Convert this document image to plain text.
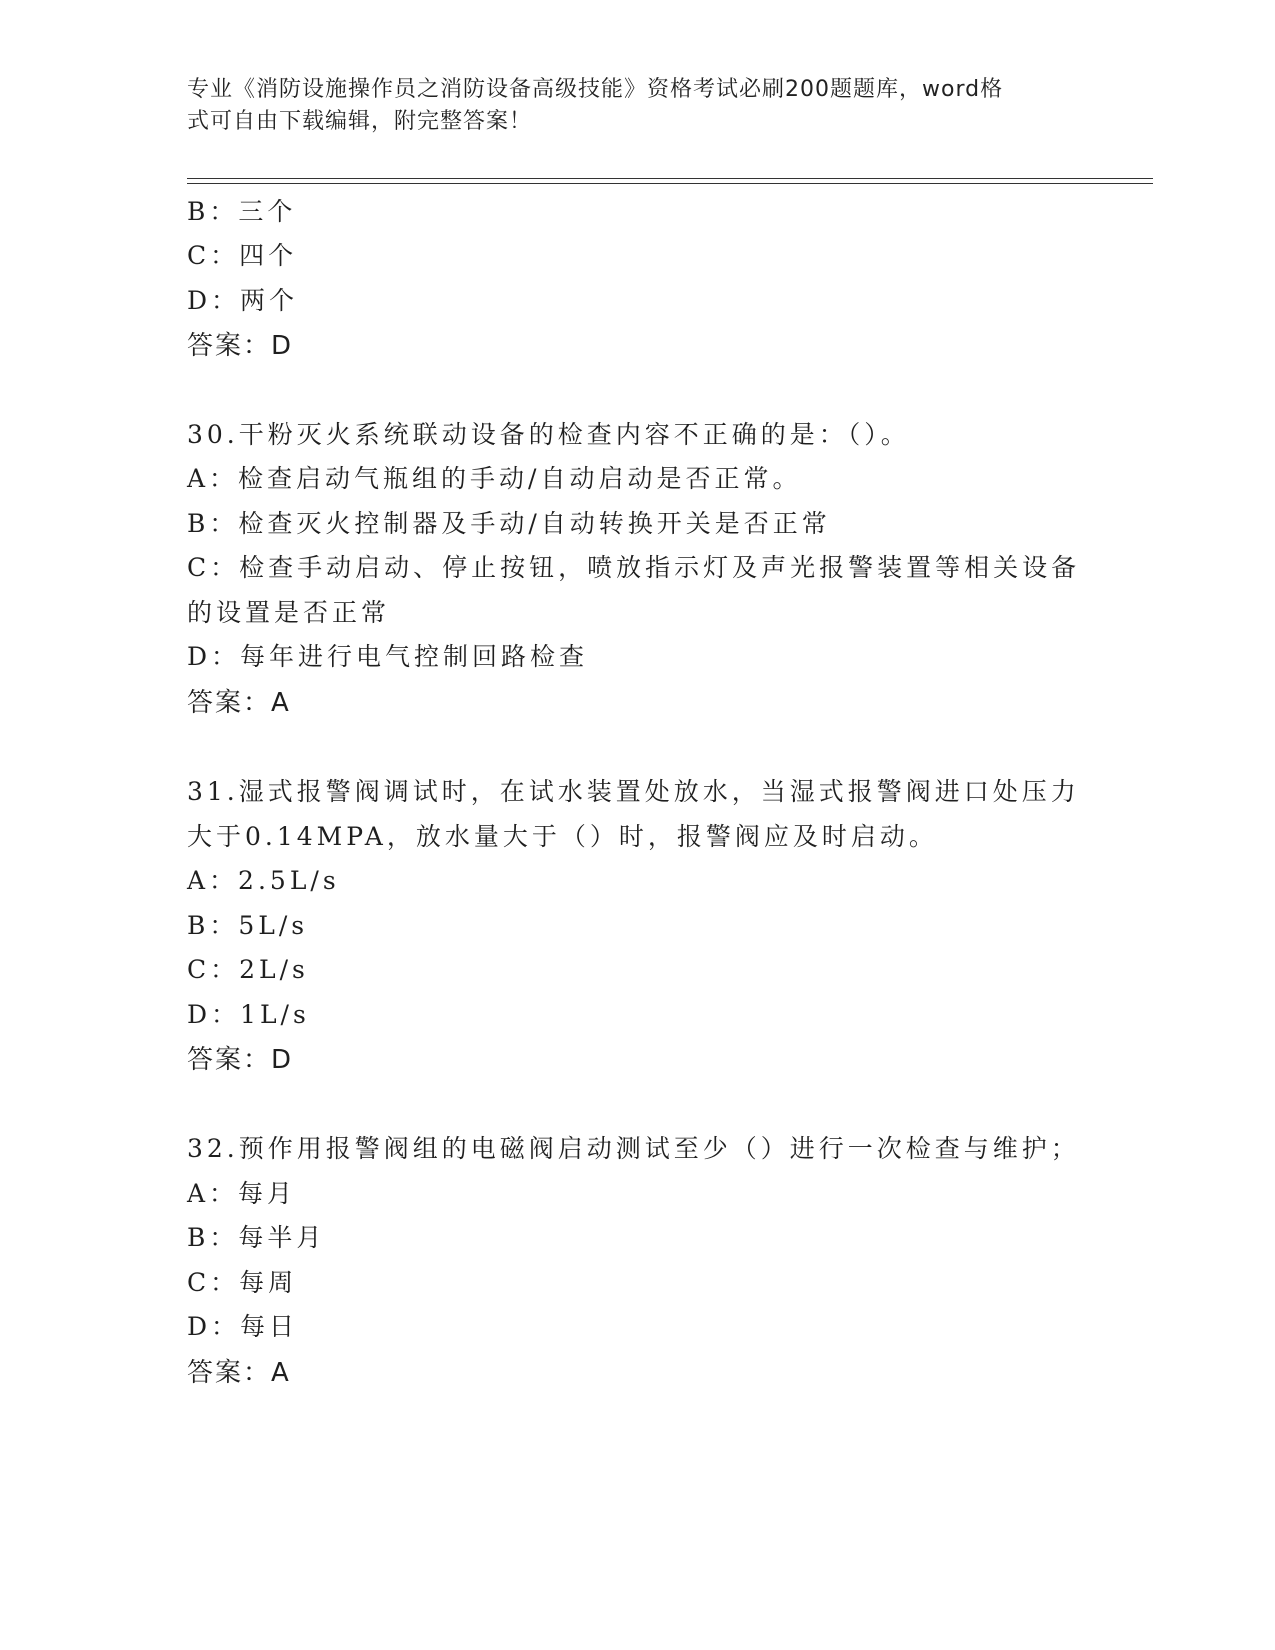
专业《消防设施操作员之消防设备高级技能》资格考试必刷200题题库，word格
式可自由下载编辑，附完整答案！
B：三个
C：四个
D：两个
答案：D
30.干粉灭火系统联动设备的检查内容不正确的是：（）。
A：检查启动气瓶组的手动/自动启动是否正常。
B：检查灭火控制器及手动/自动转换开关是否正常
C：检查手动启动、停止按钮，喷放指示灯及声光报警装置等相关设备
的设置是否正常
D：每年进行电气控制回路检查
答案：A
31.湿式报警阀调试时，在试水装置处放水，当湿式报警阀进口处压力
大于0.14MPA，放水量大于（）时，报警阀应及时启动。
A：2.5L/s
B：5L/s
C：2L/s
D：1L/s
答案：D
32.预作用报警阀组的电磁阀启动测试至少（）进行一次检查与维护；
A：每月
B：每半月
C：每周
D：每日
答案：A
